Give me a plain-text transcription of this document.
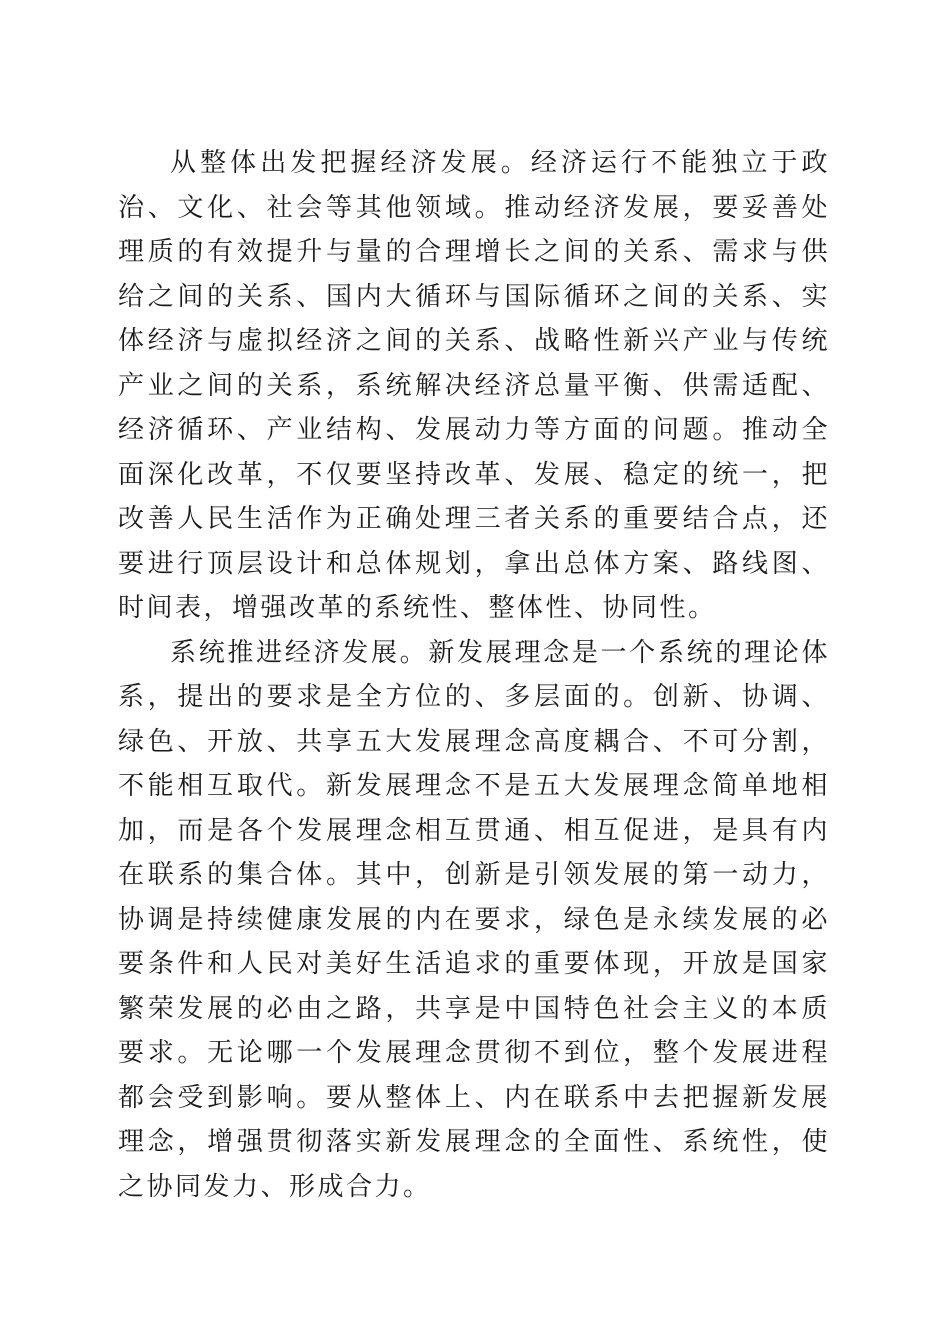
从整体出发把握经济发展。经济运行不能独立于政治、文化、社会等其他领域。推动经济发展，要妥善处理质的有效提升与量的合理增长之间的关系、需求与供给之间的关系、国内大循环与国际循环之间的关系、实体经济与虚拟经济之间的关系、战略性新兴产业与传统产业之间的关系，系统解决经济总量平衡、供需适配、经济循环、产业结构、发展动力等方面的问题。推动全面深化改革，不仅要坚持改革、发展、稳定的统一，把改善人民生活作为正确处理三者关系的重要结合点，还要进行顶层设计和总体规划，拿出总体方案、路线图、时间表，增强改革的系统性、整体性、协同性。

系统推进经济发展。新发展理念是一个系统的理论体系，提出的要求是全方位的、多层面的。创新、协调、绿色、开放、共享五大发展理念高度耦合、不可分割，不能相互取代。新发展理念不是五大发展理念简单地相加，而是各个发展理念相互贯通、相互促进，是具有内在联系的集合体。其中，创新是引领发展的第一动力，协调是持续健康发展的内在要求，绿色是永续发展的必要条件和人民对美好生活追求的重要体现，开放是国家繁荣发展的必由之路，共享是中国特色社会主义的本质要求。无论哪一个发展理念贯彻不到位，整个发展进程都会受到影响。要从整体上、内在联系中去把握新发展理念，增强贯彻落实新发展理念的全面性、系统性，使之协同发力、形成合力。
